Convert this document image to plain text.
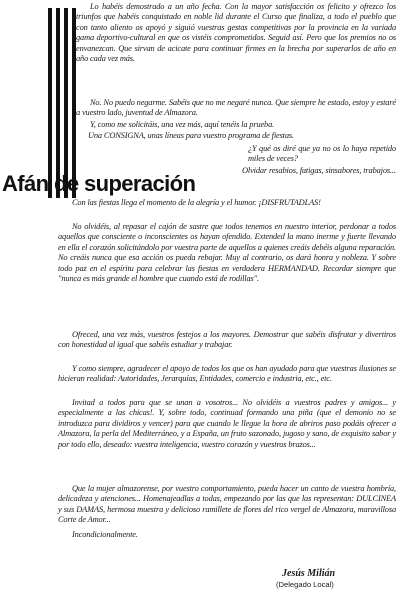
Afán de superación

Lo habéis demostrado a un año fecha. Con la mayor satisfacción os felicito y ofrezco los triunfos que habéis conquistado en noble lid durante el Curso que finaliza, a todo el pueblo que con tanto aliento os apoyó y siguió vuestras gestas competitivas por la provincia en la variada gama deportivo-cultural en que os vistéis comprometidos. Seguid así. Pero que los premios no os envanezcan. Que sirvan de acicate para continuar firmes en la brecha por superarlos de año en año cada vez más.

No. No puedo negarme. Sabéis que no me negaré nunca. Que siempre he estado, estoy y estaré a vuestro lado, juventud de Almazora.

Y, como me solicitáis, una vez más, aquí tenéis la prueba.

Una CONSIGNA, unas líneas para vuestro programa de fiestas.

¿Y qué os diré que ya no os lo haya repetido miles de veces?

Olvidar resabios, fatigas, sinsabores, trabajos...

Con las fiestas llega el momento de la alegría y el humor. ¡DISFRUTADLAS!

No olvidéis, al repasar el cajón de sastre que todos tenemos en nuestro interior, perdonar a todos aquellos que consciente o inconscientes os hayan ofendido. Extended la mano inerme y fuerte llevando en ella el corazón solicitándolo por vuestra parte de aquellos a quienes creáis debéis alguna reparación. No creáis nunca que esa acción os pueda rebajar. Muy al contrario, os dará honra y nobleza. Y sobre todo paz en el espíritu para celebrar las fiestas en verdadera HERMANDAD. Recordar siempre que "nunca es más grande el hombre que cuando está de rodillas".

Ofreced, una vez más, vuestros festejos a los mayores. Demostrar que sabéis disfrutar y divertiros con honestidad al igual que sabéis estudiar y trabajar.

Y como siempre, agradecer el apoyo de todos los que os han ayudado para que vuestras ilusiones se hicieran realidad: Autoridades, Jerarquías, Entidades, comercio e industria, etc., etc.

Invitad a todos para que se unan a vosotros... No olvidéis a vuestros padres y amigos... y especialmente a las chicas!. Y, sobre todo, continuad formando una piña (que el demonio no se introduzca para dividiros y vencer) para que cuando le llegue la hora de abriros paso podáis ofrecer a Almazora, la perla del Mediterráneo, y a España, un fruto sazonado, jugoso y sano, de exquisito sabor y por todo ello, deseado: vuestra inteligencia, vuestro corazón y vuestros brazos...

Que la mujer almazorense, por vuestro comportamiento, pueda hacer un canto de vuestra hombría, delicadeza y atenciones... Homenajeadlas a todas, empezando por las que las representan: DULCINEA y sus DAMAS, hermosa muestra y delicioso ramillete de flores del rico vergel de Almazora, maravillosa Corte de Amor...

Incondicionalmente.

Jesús Milián
(Delegado Local)
